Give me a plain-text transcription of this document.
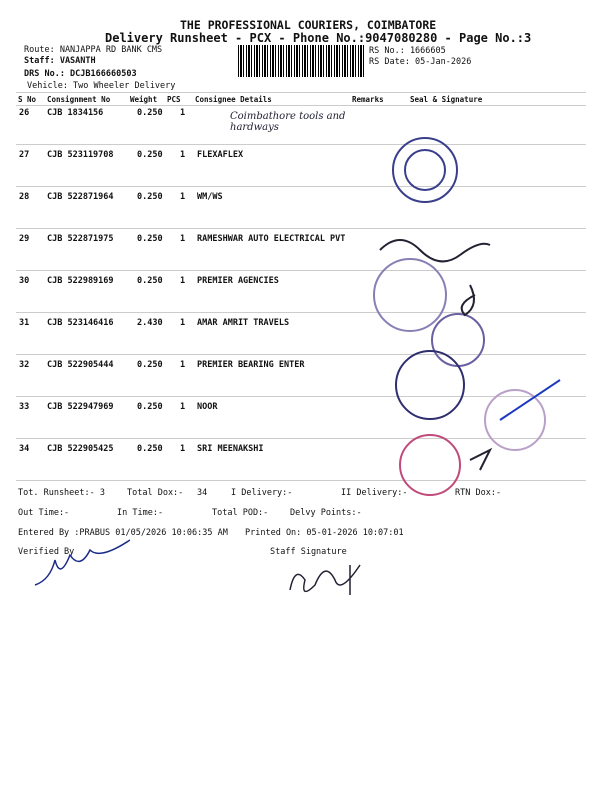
THE PROFESSIONAL COURIERS, COIMBATORE
Delivery Runsheet - PCX - Phone No.:9047080280 - Page No.:3
Route: NANJAPPA RD BANK CMS
Staff: VASANTH
DRS No.: DCJB166660503
Vehicle: Two Wheeler Delivery
RS No.: 1666605
RS Date: 05-Jan-2026
S No Consignment No	Weight PCS Consignee Details	Remarks	Seal & Signature
26 CJB 1834156	0.250 1	Coimbathore tools and hardways
27 CJB 523119708	0.250 1 FLEXAFLEX
28 CJB 522871964	0.250 1 WM/WS
29 CJB 522871975	0.250 1 RAMESHWAR AUTO ELECTRICAL PVT
30 CJB 522989169	0.250 1 PREMIER AGENCIES
31 CJB 523146416	2.430 1 AMAR AMRIT TRAVELS
32 CJB 522905444	0.250 1 PREMIER BEARING ENTER
33 CJB 522947969	0.250 1 NOOR
34 CJB 522905425	0.250 1 SRI MEENAKSHI
Tot. Runsheet:- 3	Total Dox:- 34	I Delivery:-	II Delivery:-	RTN Dox:-
Out Time:-	In Time:-	Total POD:-	Delvy Points:-
Entered By :PRABUS 01/05/2026 10:06:35 AM Printed On: 05-01-2026 10:07:01
Verified By	Staff Signature
